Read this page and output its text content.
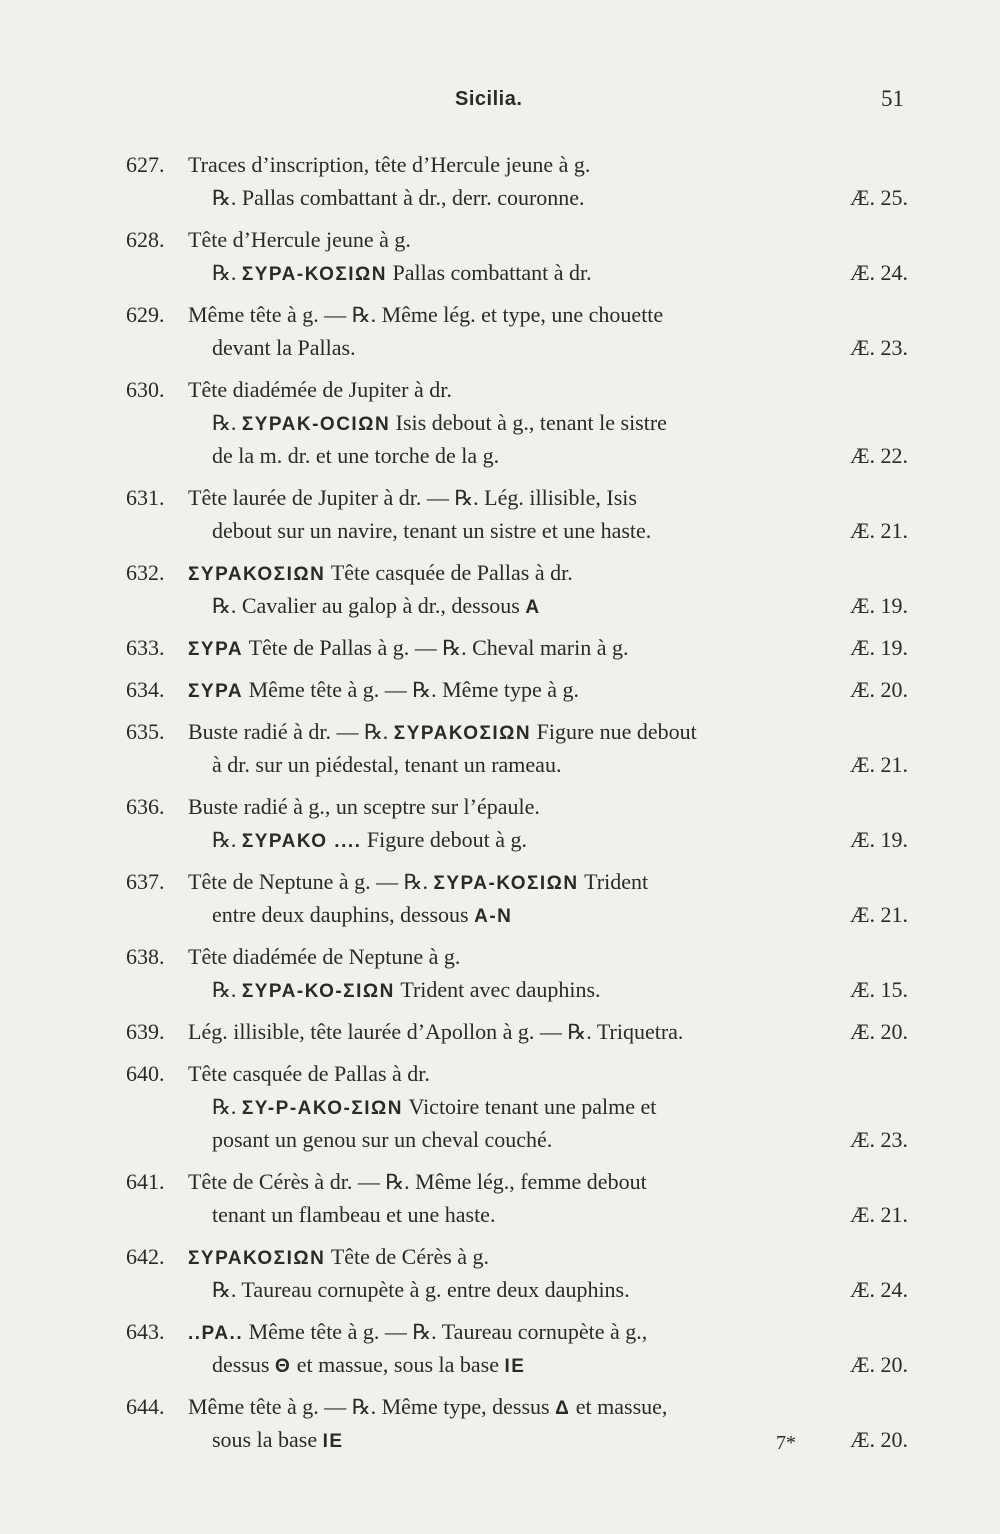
Sicilia.	51
627. Traces d’inscription, tête d’Hercule jeune à g.
℞. Pallas combattant à dr., derr. couronne.	Æ. 25.
628. Tête d’Hercule jeune à g.
℞. ΣΥΡΑ-ΚΟΣΙΩΝ Pallas combattant à dr.	Æ. 24.
629. Même tête à g. — ℞. Même lég. et type, une chouette
devant la Pallas.	Æ. 23.
630. Tête diadémée de Jupiter à dr.
℞. ΣΥΡΑΚ-ΟϹΙΩΝ Isis debout à g., tenant le sistre
de la m. dr. et une torche de la g.	Æ. 22.
631. Tête laurée de Jupiter à dr. — ℞. Lég. illisible, Isis
debout sur un navire, tenant un sistre et une haste.	Æ. 21.
632. ΣΥΡΑΚΟΣΙΩΝ Tête casquée de Pallas à dr.
℞. Cavalier au galop à dr., dessous Α	Æ. 19.
633. ΣΥΡΑ Tête de Pallas à g. — ℞. Cheval marin à g.	Æ. 19.
634. ΣΥΡΑ Même tête à g. — ℞. Même type à g.	Æ. 20.
635. Buste radié à dr. — ℞. ΣΥΡΑΚΟΣΙΩΝ Figure nue debout
à dr. sur un piédestal, tenant un rameau.	Æ. 21.
636. Buste radié à g., un sceptre sur l’épaule.
℞. ΣΥΡΑΚΟ .... Figure debout à g.	Æ. 19.
637. Tête de Neptune à g. — ℞. ΣΥΡΑ-ΚΟΣΙΩΝ Trident
entre deux dauphins, dessous Α-Ν	Æ. 21.
638. Tête diadémée de Neptune à g.
℞. ΣΥΡΑ-ΚΟ-ΣΙΩΝ Trident avec dauphins.	Æ. 15.
639. Lég. illisible, tête laurée d’Apollon à g. — ℞. Triquetra.	Æ. 20.
640. Tête casquée de Pallas à dr.
℞. ΣΥ-Ρ-ΑΚΟ-ΣΙΩΝ Victoire tenant une palme et
posant un genou sur un cheval couché.	Æ. 23.
641. Tête de Cérès à dr. — ℞. Même lég., femme debout
tenant un flambeau et une haste.	Æ. 21.
642. ΣΥΡΑΚΟΣΙΩΝ Tête de Cérès à g.
℞. Taureau cornupète à g. entre deux dauphins.	Æ. 24.
643. ..ΡΑ.. Même tête à g. — ℞. Taureau cornupète à g.,
dessus Θ et massue, sous la base ΙΕ	Æ. 20.
644. Même tête à g. — ℞. Même type, dessus Δ et massue,
sous la base ΙΕ	Æ. 20.
7*
